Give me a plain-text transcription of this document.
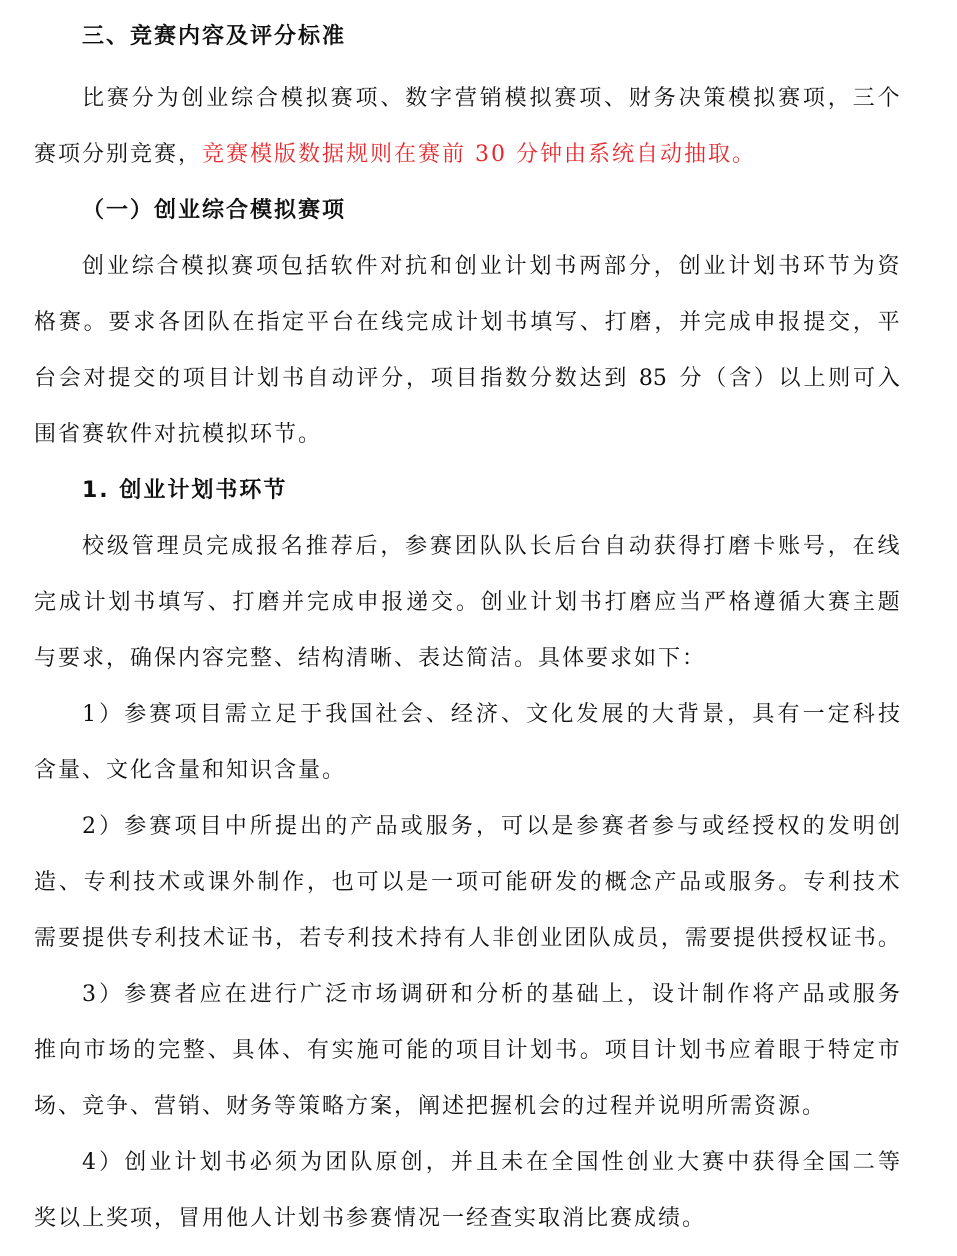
三、竞赛内容及评分标准
比 赛 分 为 创 业 综 合 模 拟 赛 项 、 数 字 营 销 模 拟 赛 项 、 财 务 决 策 模 拟 赛 项 ， 三 个
赛项分别竞赛，竞赛模版数据规则在赛前 30 分钟由系统自动抽取。
（一）创业综合模拟赛项
创 业 综 合 模 拟 赛 项 包 括 软 件 对 抗 和 创 业 计 划 书 两 部 分 ， 创 业 计 划 书 环 节 为 资
格 赛 。 要 求 各 团 队 在 指 定 平 台 在 线 完 成 计 划 书 填 写 、 打 磨 ， 并 完 成 申 报 提 交 ， 平
台 会 对 提 交 的 项 目 计 划 书 自 动 评 分 ， 项 目 指 数 分 数 达 到
85
分 （ 含 ） 以 上 则 可 入
围省赛软件对抗模拟环节。
1. 创业计划书环节
校 级 管 理 员 完 成 报 名 推 荐 后 ， 参 赛 团 队 队 长 后 台 自 动 获 得 打 磨 卡 账 号 ， 在 线
完 成 计 划 书 填 写 、 打 磨 并 完 成 申 报 递 交 。 创 业 计 划 书 打 磨 应 当 严 格 遵 循 大 赛 主 题
与要求，确保内容完整、结构清晰、表达简洁。具体要求如下：
1 ） 参 赛 项 目 需 立 足 于 我 国 社 会 、 经 济 、 文 化 发 展 的 大 背 景 ， 具 有 一 定 科 技
含量、文化含量和知识含量。
2 ） 参 赛 项 目 中 所 提 出 的 产 品 或 服 务 ， 可 以 是 参 赛 者 参 与 或 经 授 权 的 发 明 创
造 、 专 利 技 术 或 课 外 制 作 ， 也 可 以 是 一 项 可 能 研 发 的 概 念 产 品 或 服 务 。 专 利 技 术
需 要 提 供 专 利 技 术 证 书 ， 若 专 利 技 术 持 有 人 非 创 业 团 队 成 员 ， 需 要 提 供 授 权 证 书 。
3 ） 参 赛 者 应 在 进 行 广 泛 市 场 调 研 和 分 析 的 基 础 上 ， 设 计 制 作 将 产 品 或 服 务
推 向 市 场 的 完 整 、 具 体 、 有 实 施 可 能 的 项 目 计 划 书 。 项 目 计 划 书 应 着 眼 于 特 定 市
场、竞争、营销、财务等策略方案，阐述把握机会的过程并说明所需资源。
4 ） 创 业 计 划 书 必 须 为 团 队 原 创 ， 并 且 未 在 全 国 性 创 业 大 赛 中 获 得 全 国 二 等
奖以上奖项，冒用他人计划书参赛情况一经查实取消比赛成绩。
